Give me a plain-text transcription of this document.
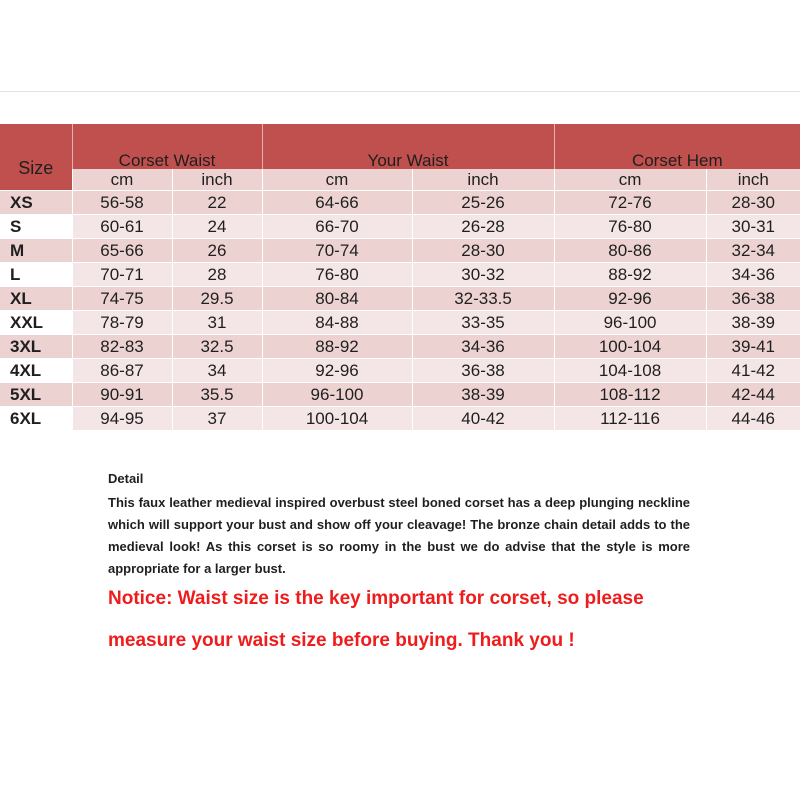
Size	Corset Waist		Your Waist		Corset Hem	
	cm	inch	cm	inch	cm	inch
XS	56-58	22	64-66	25-26	72-76	28-30
S	60-61	24	66-70	26-28	76-80	30-31
M	65-66	26	70-74	28-30	80-86	32-34
L	70-71	28	76-80	30-32	88-92	34-36
XL	74-75	29.5	80-84	32-33.5	92-96	36-38
XXL	78-79	31	84-88	33-35	96-100	38-39
3XL	82-83	32.5	88-92	34-36	100-104	39-41
4XL	86-87	34	92-96	36-38	104-108	41-42
5XL	90-91	35.5	96-100	38-39	108-112	42-44
6XL	94-95	37	100-104	40-42	112-116	44-46

Detail

This faux leather medieval inspired overbust steel boned corset has a deep plunging neckline which will support your bust and show off your cleavage! The bronze chain detail adds to the medieval look! As this corset is so roomy in the bust we do advise that the style is more appropriate for a larger bust.

Notice: Waist size is the key important for corset, so please

measure your waist size before buying. Thank you !
